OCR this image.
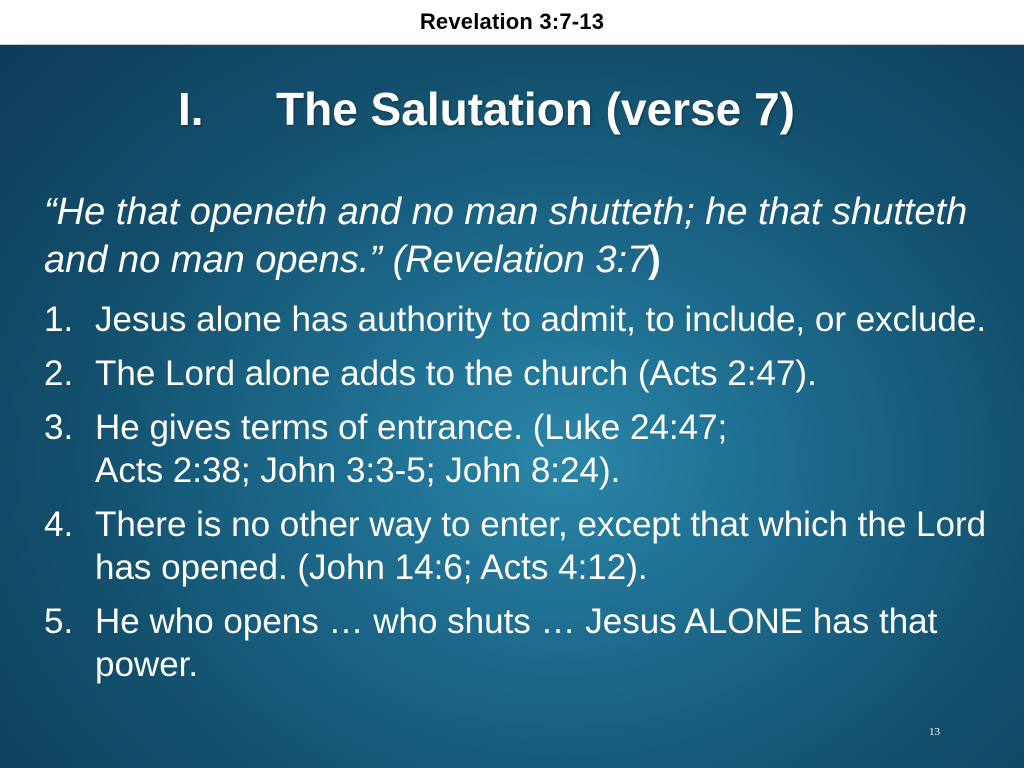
Revelation 3:7-13
I. The Salutation (verse 7)
“He that openeth and no man shutteth; he that shutteth and no man opens.” (Revelation 3:7)
1. Jesus alone has authority to admit, to include, or exclude.
2. The Lord alone adds to the church (Acts 2:47).
3. He gives terms of entrance. (Luke 24:47;
Acts 2:38; John 3:3-5; John 8:24).
4. There is no other way to enter, except that which the Lord has opened. (John 14:6; Acts 4:12).
5. He who opens … who shuts … Jesus ALONE has that power.
13
